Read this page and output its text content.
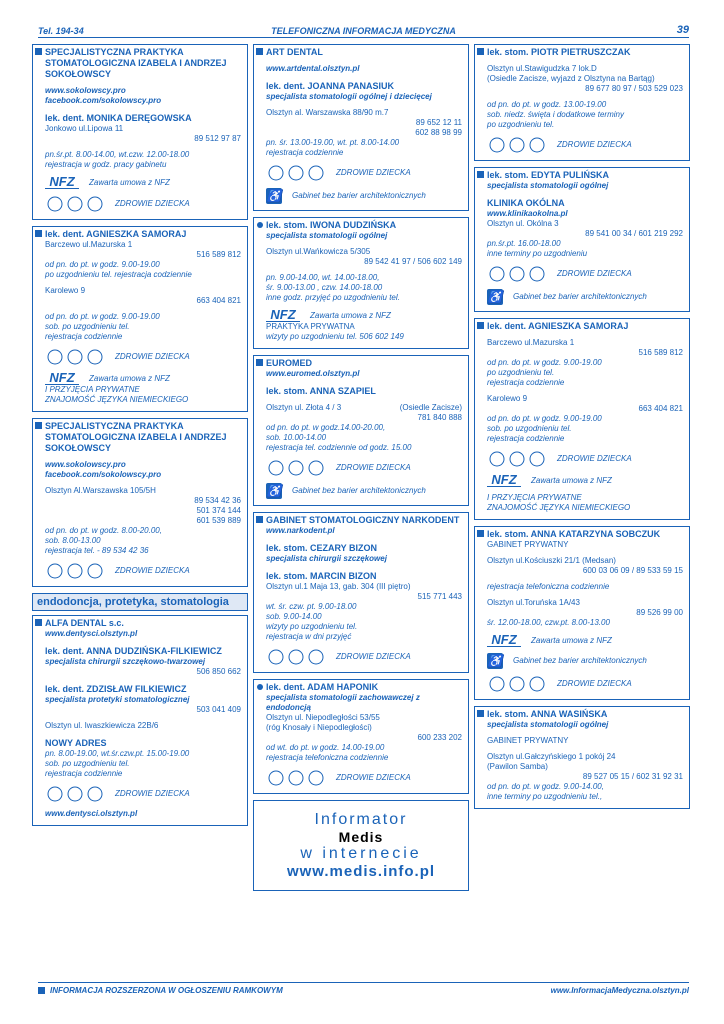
Tel. 194-34	TELEFONICZNA INFORMACJA MEDYCZNA	39
SPECJALISTYCZNA PRAKTYKA STOMATOLOGICZNA IZABELA I ANDRZEJ SOKOŁOWSCY
www.sokolowscy.pro
facebook.com/sokolowscy.pro
lek. dent. MONIKA DERĘGOWSKA
Jonkowo ul.Lipowa 11
89 512 97 87
pn.śr.pt. 8.00-14.00, wt.czw. 12.00-18.00
rejestracja w godz. pracy gabinetu
NFZ	Zawarta umowa z NFZ
ZDROWIE DZIECKA
lek. dent. AGNIESZKA SAMORAJ
Barczewo ul.Mazurska 1
516 589 812
od pn. do pt. w godz. 9.00-19.00
po uzgodnieniu tel. rejestracja codziennie
Karolewo 9
663 404 821
od pn. do pt. w godz. 9.00-19.00
sob. po uzgodnieniu tel.
rejestracja codziennie
ZDROWIE DZIECKA
NFZ	Zawarta umowa z NFZ
I PRZYJĘCIA PRYWATNE
ZNAJOMOŚĆ JĘZYKA NIEMIECKIEGO
SPECJALISTYCZNA PRAKTYKA STOMATOLOGICZNA IZABELA I ANDRZEJ SOKOŁOWSCY
www.sokolowscy.pro
facebook.com/sokolowscy.pro
Olsztyn Al.Warszawska 105/5H
89 534 42 36
501 374 144
601 539 889
od pn. do pt. w godz. 8.00-20.00,
sob. 8.00-13.00
rejestracja tel. - 89 534 42 36
ZDROWIE DZIECKA
endodoncja, protetyka, stomatologia
ALFA DENTAL s.c.
www.dentysci.olsztyn.pl
lek. dent. ANNA DUDZIŃSKA-FILKIEWICZ
specjalista chirurgii szczękowo-twarzowej
506 850 662
lek. dent. ZDZISŁAW FILKIEWICZ
specjalista protetyki stomatologicznej
503 041 409
Olsztyn ul. Iwaszkiewicza 22B/6
NOWY ADRES
pn. 8.00-19.00, wt.śr.czw.pt. 15.00-19.00
sob. po uzgodnieniu tel.
rejestracja codziennie
ZDROWIE DZIECKA
www.dentysci.olsztyn.pl
ART DENTAL
www.artdental.olsztyn.pl
lek. dent. JOANNA PANASIUK
specjalista stomatologii ogólnej i dziecięcej
Olsztyn al. Warszawska 88/90 m.7
89 652 12 11
602 88 98 99
pn. śr. 13.00-19.00, wt. pt. 8.00-14.00
rejestracja codziennie
ZDROWIE DZIECKA
♿ Gabinet bez barier architektonicznych
lek. stom. IWONA DUDZIŃSKA
specjalista stomatologii ogólnej
Olsztyn ul.Wańkowicza 5/305
89 542 41 97 / 506 602 149
pn. 9.00-14.00, wt. 14.00-18.00,
śr. 9.00-13.00 , czw. 14.00-18.00
inne godz. przyjęć po uzgodnieniu tel.
NFZ	Zawarta umowa z NFZ
PRAKTYKA PRYWATNA
wizyty po uzgodnieniu tel. 506 602 149
EUROMED
www.euromed.olsztyn.pl
lek. stom. ANNA SZAPIEL
Olsztyn ul. Złota 4 / 3	(Osiedle Zacisze)
781 840 888
od pn. do pt. w godz.14.00-20.00,
sob. 10.00-14.00
rejestracja tel. codziennie od godz. 15.00
ZDROWIE DZIECKA
♿ Gabinet bez barier architektonicznych
GABINET STOMATOLOGICZNY NARKODENT
www.narkodent.pl
lek. stom. CEZARY BIZON
specjalista chirurgii szczękowej
lek. stom. MARCIN BIZON
Olsztyn ul.1 Maja 13, gab. 304 (III piętro)
515 771 443
wt. śr. czw. pt. 9.00-18.00
sob. 9.00-14.00
wizyty po uzgodnieniu tel.
rejestracja w dni przyjęć
ZDROWIE DZIECKA
lek. dent. ADAM HAPONIK
specjalista stomatologii zachowawczej z endodoncją
Olsztyn ul. Niepodległości 53/55
(róg Knosały i Niepodległości)
600 233 202
od wt. do pt. w godz. 14.00-19.00
rejestracja telefoniczna codziennie
ZDROWIE DZIECKA
Informator
Medis
w internecie
www.medis.info.pl
lek. stom. PIOTR PIETRUSZCZAK
Olsztyn ul.Stawigudzka 7 lok.D
(Osiedle Zacisze, wyjazd z Olsztyna na Bartąg)
89 677 80 97 / 503 529 023
od pn. do pt. w godz. 13.00-19.00
sob. niedz. święta i dodatkowe terminy
po uzgodnieniu tel.
ZDROWIE DZIECKA
lek. stom. EDYTA PULIŃSKA
specjalista stomatologii ogólnej
KLINIKA OKÓLNA
www.klinikaokolna.pl
Olsztyn ul. Okólna 3
89 541 00 34 / 601 219 292
pn.śr.pt. 16.00-18.00
inne terminy po uzgodnieniu
ZDROWIE DZIECKA
♿ Gabinet bez barier architektonicznych
lek. dent. AGNIESZKA SAMORAJ
Barczewo ul.Mazurska 1
516 589 812
od pn. do pt. w godz. 9.00-19.00
po uzgodnieniu tel.
rejestracja codziennie
Karolewo 9
663 404 821
od pn. do pt. w godz. 9.00-19.00
sob. po uzgodnieniu tel.
rejestracja codziennie
ZDROWIE DZIECKA
NFZ	Zawarta umowa z NFZ
I PRZYJĘCIA PRYWATNE
ZNAJOMOŚĆ JĘZYKA NIEMIECKIEGO
lek. stom. ANNA KATARZYNA SOBCZUK
GABINET PRYWATNY
Olsztyn ul.Kościuszki 21/1 (Medsan)
600 03 06 09 / 89 533 59 15
rejestracja telefoniczna codziennie
Olsztyn ul.Toruńska 1A/43
89 526 99 00
śr. 12.00-18.00, czw.pt. 8.00-13.00
NFZ	Zawarta umowa z NFZ
♿ Gabinet bez barier architektonicznych
ZDROWIE DZIECKA
lek. stom. ANNA WASIŃSKA
specjalista stomatologii ogólnej
GABINET PRYWATNY
Olsztyn ul.Gałczyńskiego 1 pokój 24
(Pawilon Samba)
89 527 05 15 / 602 31 92 31
od pn. do pt. w godz. 9.00-14.00,
inne terminy po uzgodnieniu tel.,
INFORMACJA ROZSZERZONA W OGŁOSZENIU RAMKOWYM	www.InformacjaMedyczna.olsztyn.pl
